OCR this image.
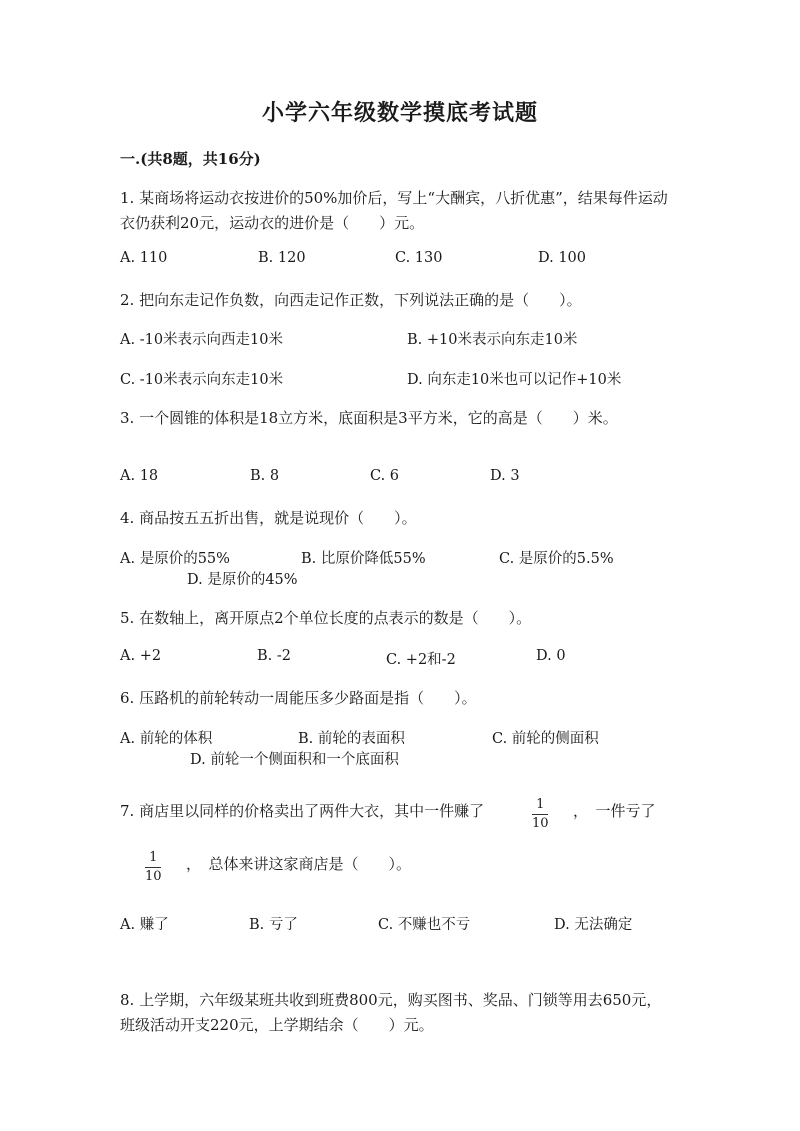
小学六年级数学摸底考试题
一.(共8题，共16分)
1. 某商场将运动衣按进价的50%加价后，写上“大酬宾，八折优惠”，结果每件运动衣仍获利20元，运动衣的进价是（　　）元。
A. 110	B. 120	C. 130	D. 100
2. 把向东走记作负数，向西走记作正数，下列说法正确的是（　　）。
A. -10米表示向西走10米	B. +10米表示向东走10米
C. -10米表示向东走10米	D. 向东走10米也可以记作+10米
3. 一个圆锥的体积是18立方米，底面积是3平方米，它的高是（　　）米。
A. 18	B. 8	C. 6	D. 3
4. 商品按五五折出售，就是说现价（　　）。
A. 是原价的55%	B. 比原价降低55%	C. 是原价的5.5%
D. 是原价的45%
5. 在数轴上，离开原点2个单位长度的点表示的数是（　　）。
A. +2	B. -2	C. +2和-2	D. 0
6. 压路机的前轮转动一周能压多少路面是指（　　）。
A. 前轮的体积	B. 前轮的表面积	C. 前轮的侧面积
D. 前轮一个侧面积和一个底面积
7. 商店里以同样的价格卖出了两件大衣，其中一件赚了	1
10
，　一件亏了
1
10
，　总体来讲这家商店是（　　）。
A. 赚了	B. 亏了	C. 不赚也不亏	D. 无法确定
8. 上学期，六年级某班共收到班费800元，购买图书、奖品、门锁等用去650元，班级活动开支220元，上学期结余（　　）元。
